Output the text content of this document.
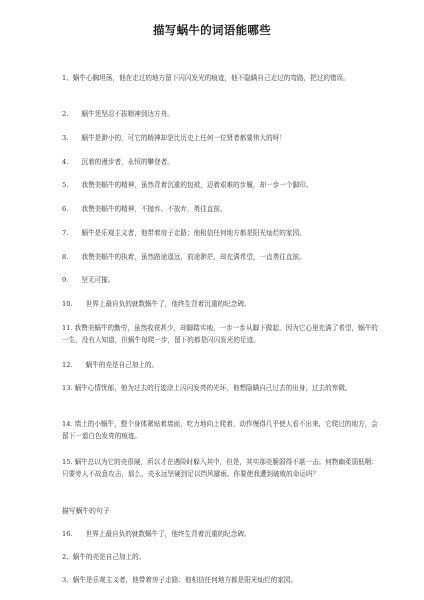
描写蜗牛的词语能哪些
1、蜗牛心胸坦荡，他在走过的地方留下闪闪发光的痕迹，他不隐瞒自己走过的弯路，把过的错误。
2.　　蜗牛凭坚忍不拔精神到达方舟。
3.　　蜗牛是渺小的，可它的精神却是比历史上任何一位贤者都要伟大的呀！
4.　　沉着的漫步者，永恒的攀登者。
5.　　我赞美蜗牛的精神，虽然背着沉重的包袱，迈着艰难的步履，却一步一个脚印。
6.　　我赞美蜗牛的精神，不抛弃、不放弃，勇往直前。
7.　　蜗牛是乐观主义者，他带着房子走路；他相信任何地方都是阳光灿烂的家园。
8.　　我赞美蜗牛的执着，虽然路途遥远，前途渺茫，却充满希望，一直勇往直前。
9.　　坚无可摧。
10.　　世界上最自负的就数蜗牛了，他终生背着沉重的纪念碑。
11. 我赞美蜗牛的勤劳，虽然收获甚少，却脚踏实地，一步一步从脚下做起，因为它心里充满了希望，蜗牛的一生，没有人知道，但蜗牛每爬一步，留下的都是闪闪发光的足迹。
12.　　蜗牛的壳是自己加上的。
13. 蜗牛心情忧郁，他为过去的行迹涂上闪闪发亮的光环，他想隐瞒自己过去的出身，过去的卑微。
14. 墙上的小蜗牛，整个身体紧贴着墙面，吃力地向上爬着，动作慢得几乎使人看不出来，它爬过的地方，会留下一道白色发亮的痕迹。
15. 蜗牛总以为它的壳很硬，所以才在遇险时躲入其中，但是，其实那壳脆弱得不堪一击。何物幽柔弱低咽：只要旁人不故意攻击，那么，壳永远坚硬到足以挡风避雨。你要使我遭到破败的命运吗？
描写蜗牛的句子
16.　　世界上最自负的就数蜗牛了，他终生背着沉重的纪念碑。
2、蜗牛的壳是自己加上的。
3、蜗牛是乐观主义者，他带着房子走路；他相信任何地方都是阳光灿烂的家园。
